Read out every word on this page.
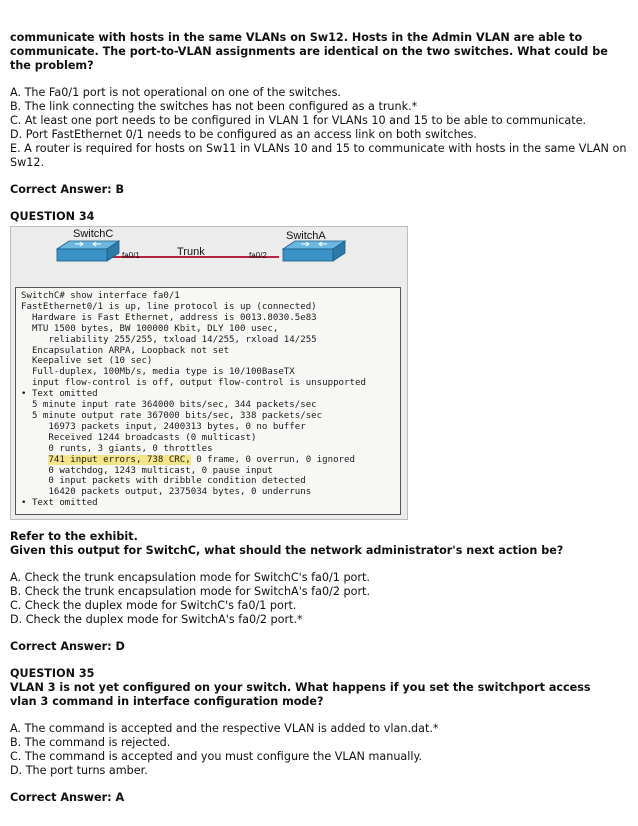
communicate with hosts in the same VLANs on Sw12. Hosts in the Admin VLAN are able to

communicate. The port-to-VLAN assignments are identical on the two switches. What could be the problem?

A. The Fa0/1 port is not operational on one of the switches.

B. The link connecting the switches has not been configured as a trunk.*

C. At least one port needs to be configured in VLAN 1 for VLANs 10 and 15 to be able to communicate.

D. Port FastEthernet 0/1 needs to be configured as an access link on both switches.

E. A router is required for hosts on Sw11 in VLANs 10 and 15 to communicate with hosts in the same VLAN on

Sw12.

Correct Answer: B

QUESTION 34

SwitchC	SwitchA
fa0/1	fa0/2
Trunk
SwitchC# show interface fa0/1
FastEthernet0/1 is up, line protocol is up (connected)
Hardware is Fast Ethernet, address is 0013.8030.5e83
MTU 1500 bytes, BW 100000 Kbit, DLY 100 usec,
reliability 255/255, txload 14/255, rxload 14/255
Encapsulation ARPA, Loopback not set
Keepalive set (10 sec)
Full-duplex, 100Mb/s, media type is 10/100BaseTX
input flow-control is off, output flow-control is unsupported
• Text omitted
5 minute input rate 364000 bits/sec, 344 packets/sec
5 minute output rate 367000 bits/sec, 338 packets/sec
16973 packets input, 2400313 bytes, 0 no buffer
Received 1244 broadcasts (0 multicast)
0 runts, 3 giants, 0 throttles
741 input errors, 738 CRC, 0 frame, 0 overrun, 0 ignored
0 watchdog, 1243 multicast, 0 pause input
0 input packets with dribble condition detected
16420 packets output, 2375034 bytes, 0 underruns
• Text omitted

Refer to the exhibit.

Given this output for SwitchC, what should the network administrator's next action be?

A. Check the trunk encapsulation mode for SwitchC's fa0/1 port.

B. Check the trunk encapsulation mode for SwitchA's fa0/2 port.

C. Check the duplex mode for SwitchC's fa0/1 port.

D. Check the duplex mode for SwitchA's fa0/2 port.*

Correct Answer: D

QUESTION 35

VLAN 3 is not yet configured on your switch. What happens if you set the switchport access

vlan 3 command in interface configuration mode?

A. The command is accepted and the respective VLAN is added to vlan.dat.*

B. The command is rejected.

C. The command is accepted and you must configure the VLAN manually.

D. The port turns amber.

Correct Answer: A
